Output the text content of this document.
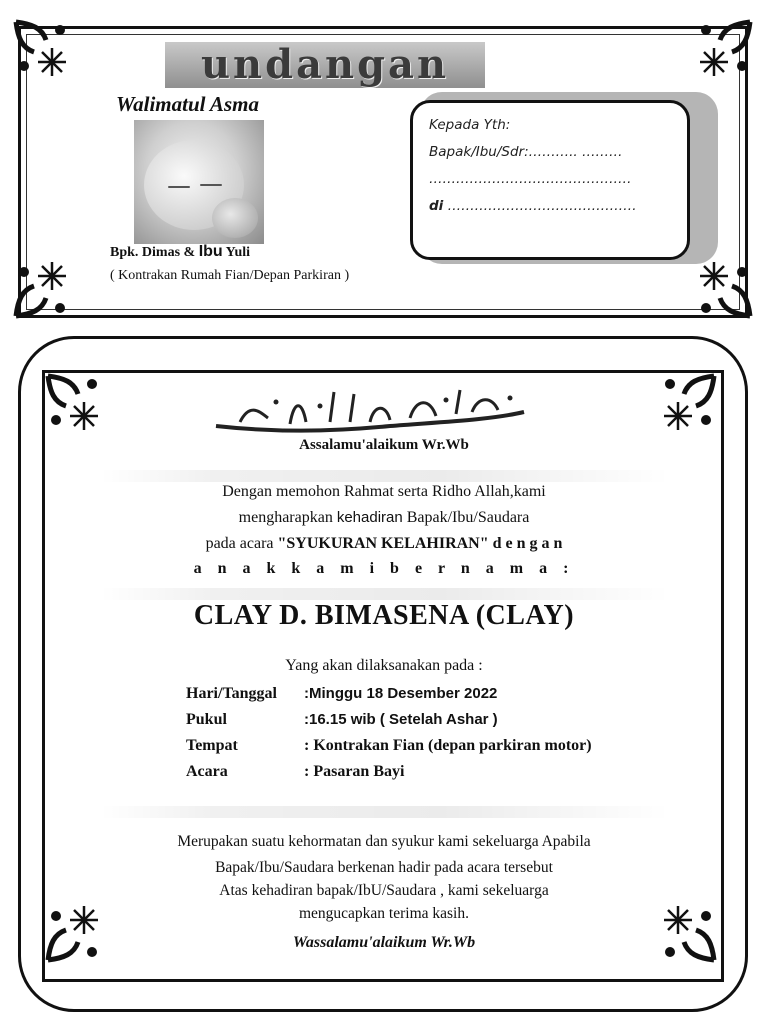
undangan
Walimatul Asma
Bpk. Dimas & Ibu Yuli
( Kontrakan Rumah Fian/Depan Parkiran )
Kepada Yth:
Bapak/Ibu/Sdr:……….. ………
………………………………………
di ……………………………………
Assalamu'alaikum Wr.Wb
Dengan memohon Rahmat serta Ridho Allah,kami
mengharapkan kehadiran Bapak/Ibu/Saudara
pada acara "SYUKURAN KELAHIRAN" d e n g a n
a n a k k a m i b e r n a m a :
CLAY D. BIMASENA (CLAY)
Yang akan dilaksanakan pada :
Hari/Tanggal :Minggu 18 Desember 2022
Pukul	:16.15 wib ( Setelah Ashar )
Tempat	: Kontrakan Fian (depan parkiran motor)
Acara	: Pasaran Bayi
Merupakan suatu kehormatan dan syukur kami sekeluarga Apabila
Bapak/Ibu/Saudara berkenan hadir pada acara tersebut
Atas kehadiran bapak/IbU/Saudara , kami sekeluarga
mengucapkan terima kasih.
Wassalamu'alaikum Wr.Wb
